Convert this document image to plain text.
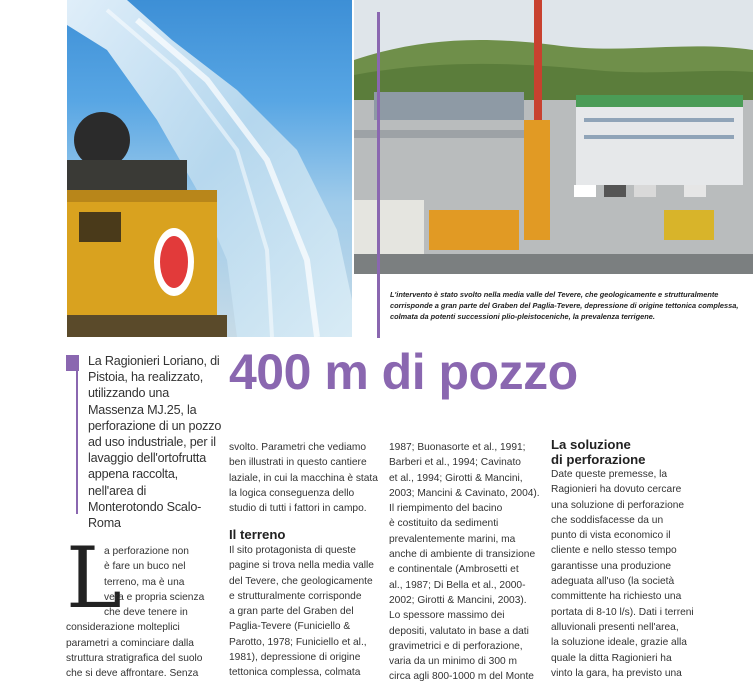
L'intervento è stato svolto nella media valle del Tevere, che geologicamente e strutturalmente corrisponde a gran parte del Graben del Paglia-Tevere, depressione di origine tettonica complessa, colmata da potenti successioni plio-pleistoceniche, la prevalenza terrigene.
La Ragionieri Loriano, di Pistoia, ha realizzato, utilizzando una Massenza MJ.25, la perforazione di un pozzo ad uso industriale, per il lavaggio dell'ortofrutta appena raccolta, nell'area di Monterotondo Scalo- Roma
400 m di pozzo
L
a perforazione non
è fare un buco nel
terreno, ma è una
vera e propria scienza
che deve tenere in
considerazione molteplici
parametri a cominciare dalla
struttura stratigrafica del suolo
che si deve affrontare. Senza
svolto. Parametri che vediamo
ben illustrati in questo cantiere
laziale, in cui la macchina è stata
la logica conseguenza dello
studio di tutti i fattori in campo.
Il terreno
Il sito protagonista di queste
pagine si trova nella media valle
del Tevere, che geologicamente
e strutturalmente corrisponde
a gran parte del Graben del
Paglia-Tevere (Funiciello &
Parotto, 1978; Funiciello et al.,
1981), depressione di origine
tettonica complessa, colmata
1987; Buonasorte et al., 1991;
Barberi et al., 1994; Cavinato
et al., 1994; Girotti & Mancini,
2003; Mancini & Cavinato, 2004).
Il riempimento del bacino
è costituito da sedimenti
prevalentemente marini, ma
anche di ambiente di transizione
e continentale (Ambrosetti et
al., 1987; Di Bella et al., 2000-
2002; Girotti & Mancini, 2003).
Lo spessore massimo dei
depositi, valutato in base a dati
gravimetrici e di perforazione,
varia da un minimo di 300 m
circa agli 800-1000 m del Monte
La soluzione
di perforazione
Date queste premesse, la
Ragionieri ha dovuto cercare
una soluzione di perforazione
che soddisfacesse da un
punto di vista economico il
cliente e nello stesso tempo
garantisse una produzione
adeguata all'uso (la società
committente ha richiesto una
portata di 8-10 l/s). Dati i terreni
alluvionali presenti nell'area,
la soluzione ideale, grazie alla
quale la ditta Ragionieri ha
vinto la gara, ha previsto una
